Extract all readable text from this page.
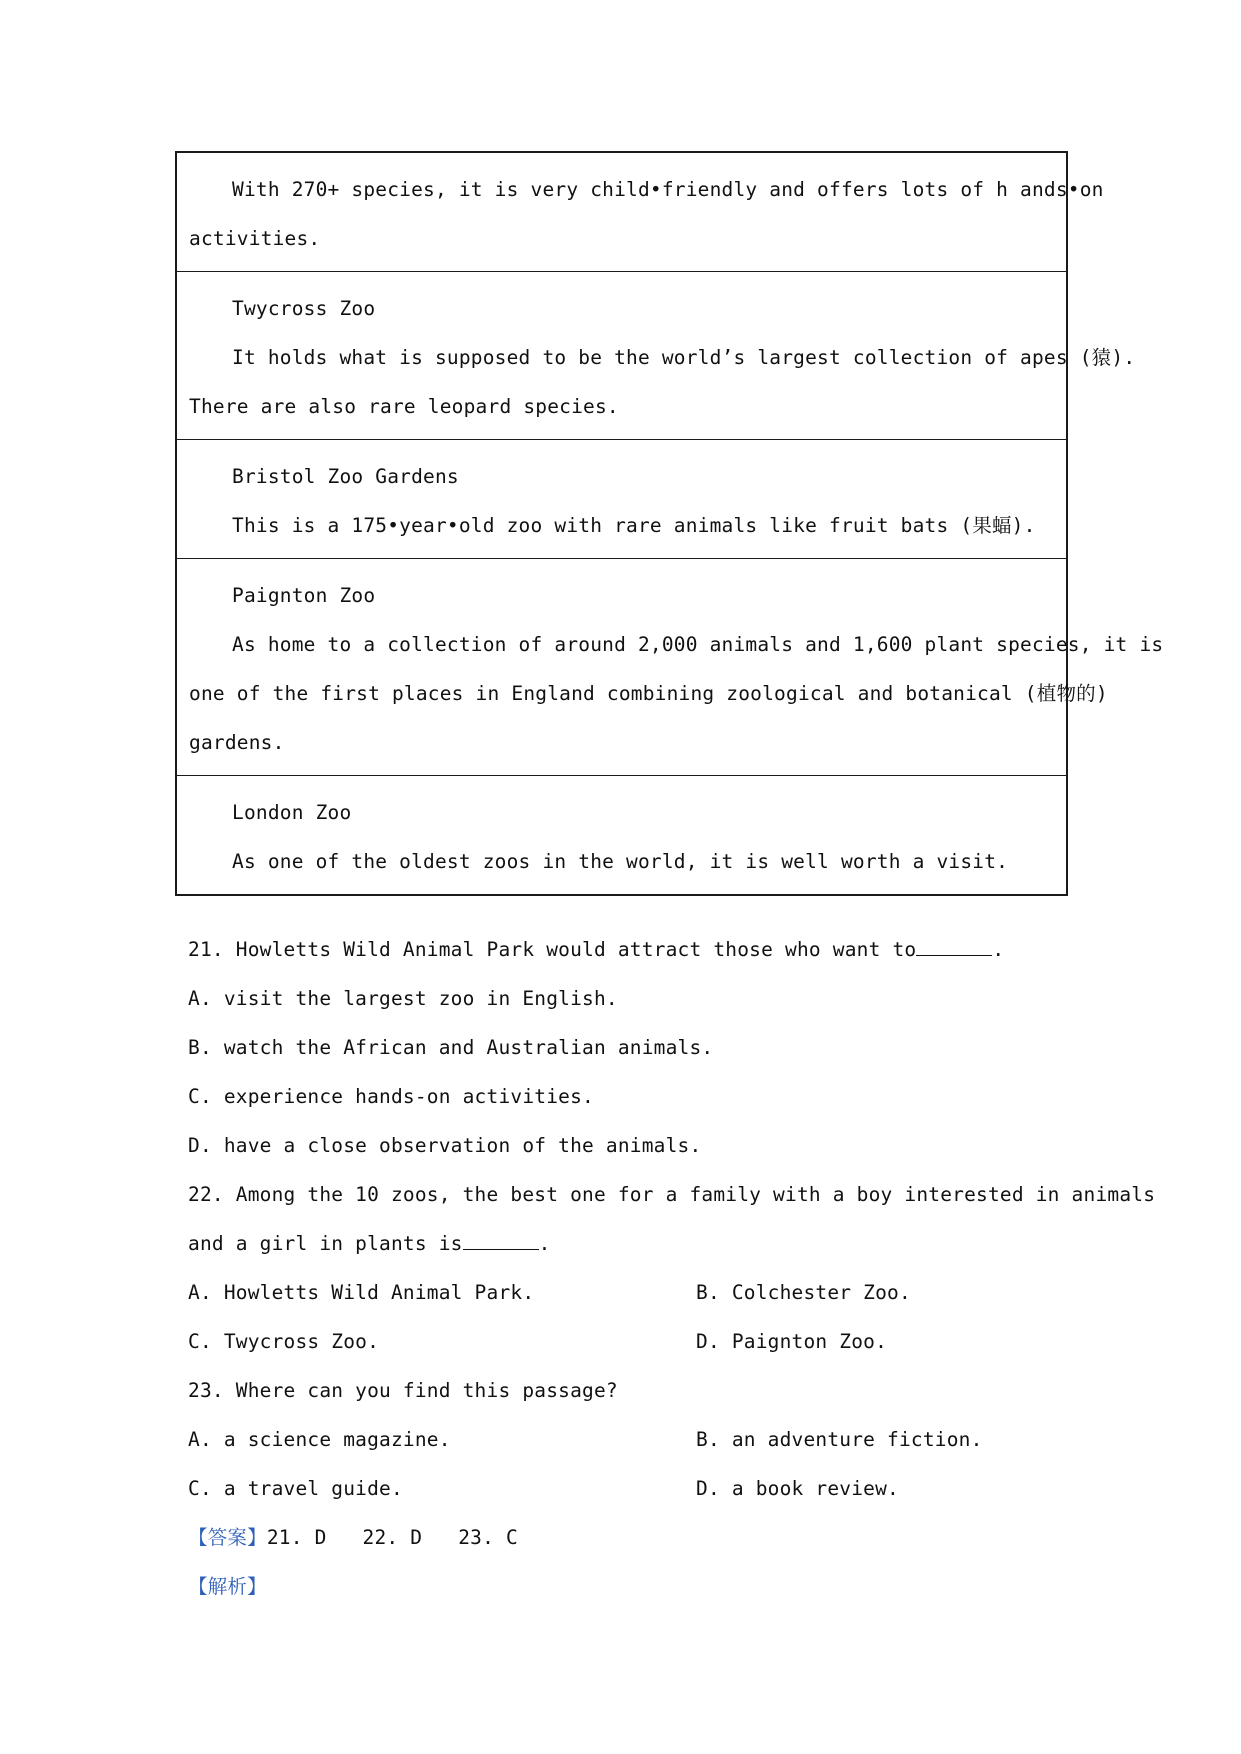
With 270+ species, it is very child•friendly and offers lots of h ands•on
activities.
Twycross Zoo
It holds what is supposed to be the world’s largest collection of apes (猿).
There are also rare leopard species.
Bristol Zoo Gardens
This is a 175•year•old zoo with rare animals like fruit bats (果蝠).
Paignton Zoo
As home to a collection of around 2,000 animals and 1,600 plant species, it is
one of the first places in England combining zoological and botanical (植物的)
gardens.
London Zoo
As one of the oldest zoos in the world, it is well worth a visit.
21. Howletts Wild Animal Park would attract those who want to	.
A. visit the largest zoo in English.
B. watch the African and Australian animals.
C. experience hands-on activities.
D. have a close observation of the animals.
22. Among the 10 zoos, the best one for a family with a boy interested in animals
and a girl in plants is	.
A. Howletts Wild Animal Park.	B. Colchester Zoo.
C. Twycross Zoo.	D. Paignton Zoo.
23. Where can you find this passage?
A. a science magazine.	B. an adventure fiction.
C. a travel guide.	D. a book review.
【答案】21. D 22. D 23. C
【解析】
